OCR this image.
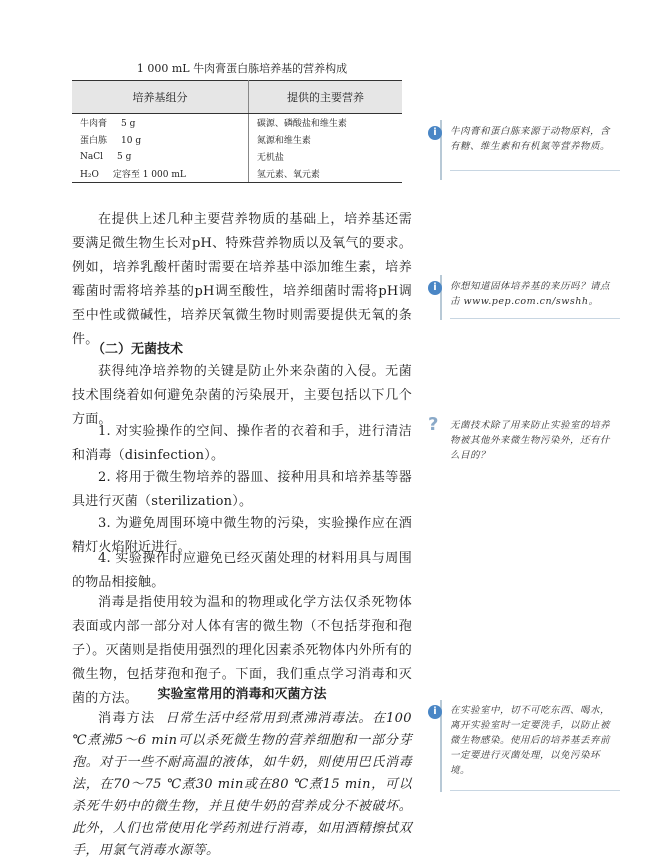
1 000 mL 牛肉膏蛋白胨培养基的营养构成
培养基组分	提供的主要营养
牛肉膏 5 g	碳源、磷酸盐和维生素
蛋白胨 10 g	氮源和维生素
NaCl 5 g	无机盐
H₂O 定容至 1 000 mL	氢元素、氧元素

在提供上述几种主要营养物质的基础上，培养基还需要满足微生物生长对pH、特殊营养物质以及氧气的要求。例如，培养乳酸杆菌时需要在培养基中添加维生素，培养霉菌时需将培养基的pH调至酸性，培养细菌时需将pH调至中性或微碱性，培养厌氧微生物时则需要提供无氧的条件。

（二）无菌技术

获得纯净培养物的关键是防止外来杂菌的入侵。无菌技术围绕着如何避免杂菌的污染展开，主要包括以下几个方面。

1. 对实验操作的空间、操作者的衣着和手，进行清洁和消毒（disinfection）。

2. 将用于微生物培养的器皿、接种用具和培养基等器具进行灭菌（sterilization）。

3. 为避免周围环境中微生物的污染，实验操作应在酒精灯火焰附近进行。

4. 实验操作时应避免已经灭菌处理的材料用具与周围的物品相接触。

消毒是指使用较为温和的物理或化学方法仅杀死物体表面或内部一部分对人体有害的微生物（不包括芽孢和孢子）。灭菌则是指使用强烈的理化因素杀死物体内外所有的微生物，包括芽孢和孢子。下面，我们重点学习消毒和灭菌的方法。	实验室常用的消毒和灭菌方法

消毒方法 日常生活中经常用到煮沸消毒法。在100 ℃煮沸5～6 min可以杀死微生物的营养细胞和一部分芽孢。对于一些不耐高温的液体，如牛奶，则使用巴氏消毒法，在70～75 ℃煮30 min或在80 ℃煮15 min，可以杀死牛奶中的微生物，并且使牛奶的营养成分不被破坏。此外，人们也常使用化学药剂进行消毒，如用酒精擦拭双手，用氯气消毒水源等。

i	牛肉膏和蛋白胨来源于动物原料，含有糖、维生素和有机氮等营养物质。
i	你想知道固体培养基的来历吗？请点击 www.pep.com.cn/swshh。
?	无菌技术除了用来防止实验室的培养物被其他外来微生物污染外，还有什么目的？
i	在实验室中，切不可吃东西、喝水，离开实验室时一定要洗手，以防止被微生物感染。使用后的培养基丢弃前一定要进行灭菌处理，以免污染环境。
